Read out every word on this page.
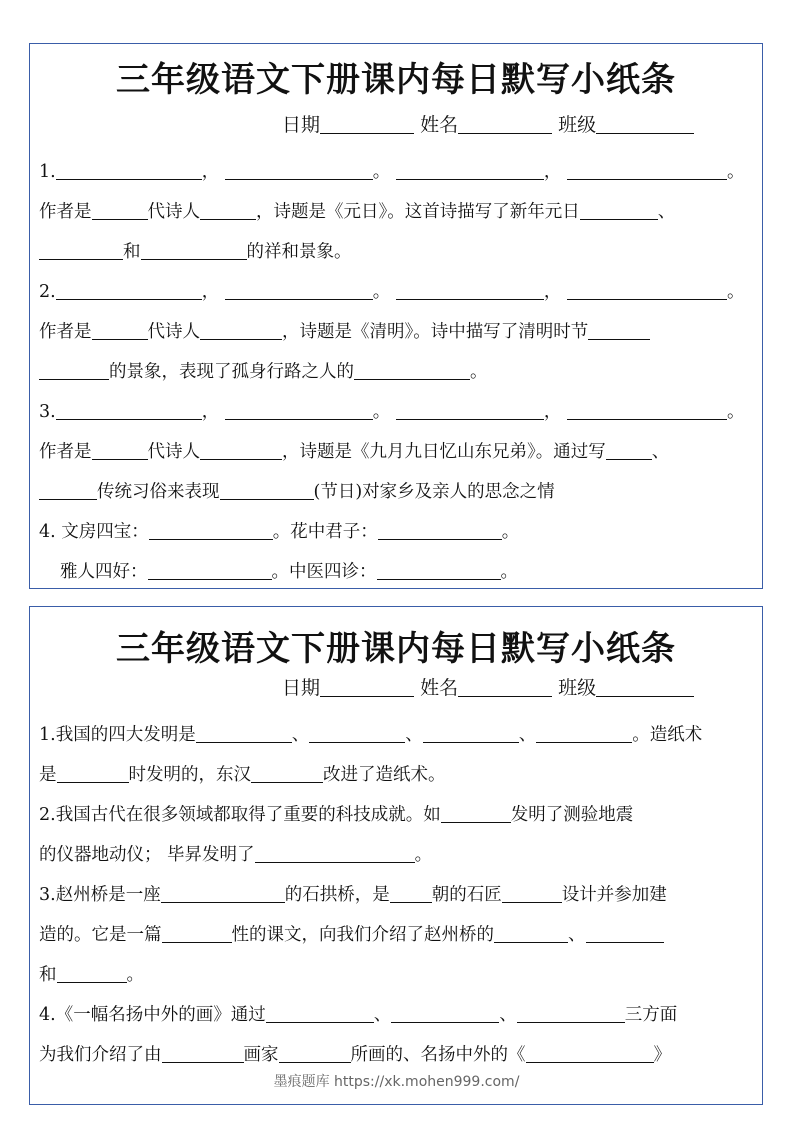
三年级语文下册课内每日默写小纸条
日期	姓名	班级
1.	，	。	，	。
作者是	代诗人	，诗题是《元日》。这首诗描写了新年元日	、
和	的祥和景象。
2.	，	。	，	。
作者是	代诗人	，诗题是《清明》。诗中描写了清明时节
的景象，表现了孤身行路之人的	。
3.	，	。	，	。
作者是	代诗人	，诗题是《九月九日忆山东兄弟》。通过写	、
传统习俗来表现	(节日)对家乡及亲人的思念之情
4. 文房四宝：	。花中君子：	。
雅人四好：	。中医四诊：	。
三年级语文下册课内每日默写小纸条
日期	姓名	班级
1.我国的四大发明是	、	、	、	。造纸术
是	时发明的，东汉	改进了造纸术。
2.我国古代在很多领域都取得了重要的科技成就。如	发明了测验地震
的仪器地动仪； 毕昇发明了	。
3.赵州桥是一座	的石拱桥，是 朝的石匠	设计并参加建
造的。它是一篇	性的课文，向我们介绍了赵州桥的	、
和	。
4.《一幅名扬中外的画》通过	、	、	三方面
为我们介绍了由	画家	所画的、名扬中外的《	》
墨痕题库 https://xk.mohen999.com/
